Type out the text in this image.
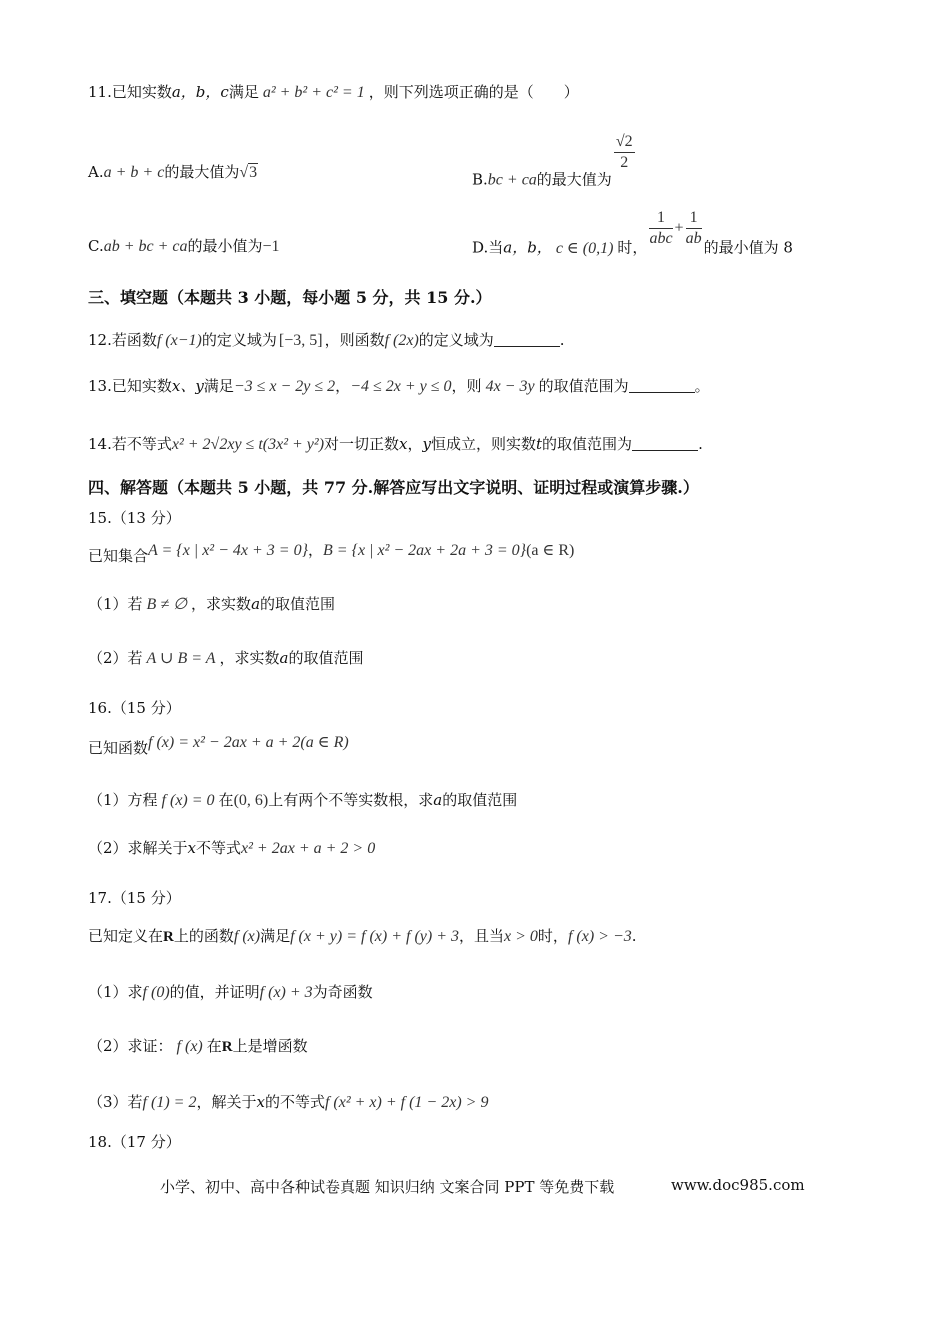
11.已知实数a，b，c满足 a² + b² + c² = 1 ，则下列选项正确的是（　　）
A.a + b + c的最大值为√3	B.bc + ca的最大值为
$\frac{√2}{2}$
C.ab + bc + ca的最小值为−1	D.当a，b， c ∈ (0,1) 时， $\frac{1}{\text{abc}} + \frac{1}{ab}$ 的最小值为 8
三、填空题（本题共 3 小题，每小题 5 分，共 15 分.）
12.若函数f (x−1)的定义域为 [−3, 5] ，则函数f (2x)的定义域为	.
13.已知实数x、y满足−3 ≤ x − 2y ≤ 2，−4 ≤ 2x + y ≤ 0，则 4x − 3y 的取值范围为	。
14.若不等式x² + 2√2xy ≤ t(3x² + y²)对一切正数x，y恒成立，则实数t的取值范围为	.
四、解答题（本题共 5 小题，共 77 分.解答应写出文字说明、证明过程或演算步骤.）
15.（13 分）
已知集合A = {x | x² − 4x + 3 = 0}，B = {x | x² − 2ax + 2a + 3 = 0}(a ∈ R)
（1）若 B ≠ ∅ ，求实数a的取值范围
（2）若 A ∪ B = A ，求实数a的取值范围
16.（15 分）
已知函数f (x) = x² − 2ax + a + 2(a ∈ R)
（1）方程 f (x) = 0 在(0, 6)上有两个不等实数根，求a的取值范围
（2）求解关于x不等式x² + 2ax + a + 2 > 0
17.（15 分）
已知定义在R上的函数f (x)满足f (x + y) = f (x) + f (y) + 3，且当x > 0时，f (x) > −3.
（1）求f (0)的值，并证明f (x) + 3为奇函数
（2）求证： f (x) 在R上是增函数
（3）若f (1) = 2，解关于x的不等式f (x² + x) + f (1 − 2x) > 9
18.（17 分）
小学、初中、高中各种试卷真题 知识归纳 文案合同 PPT 等免费下载	www.doc985.com
